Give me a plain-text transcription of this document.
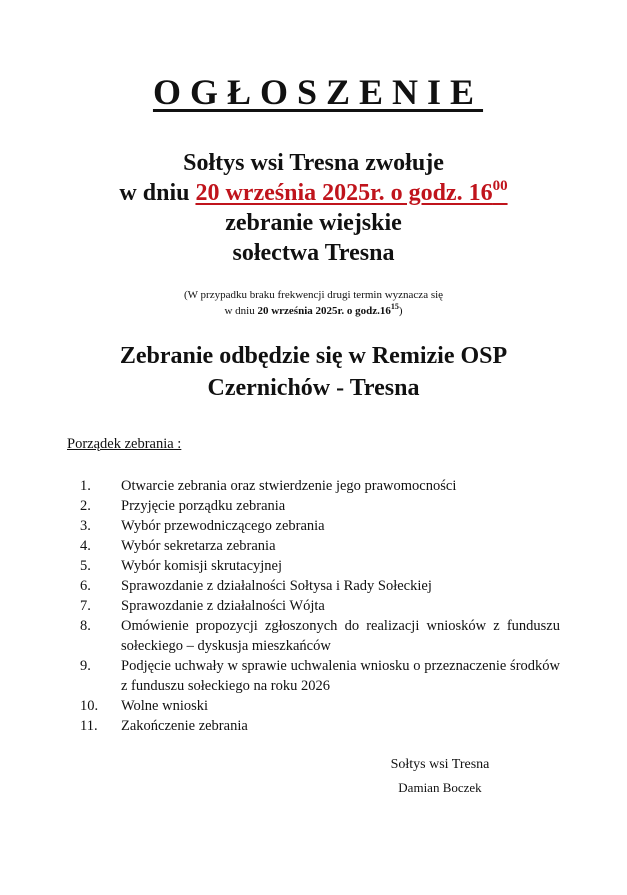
OGŁOSZENIE
Sołtys wsi Tresna zwołuje
w dniu 20 września 2025r. o godz. $16^{00}$
zebranie wiejskie
sołectwa Tresna
(W przypadku braku frekwencji drugi termin wyznacza się
w dniu 20 września 2025r. o $godz.16^{15}$)
Zebranie odbędzie się w Remizie OSP
Czernichów - Tresna
Porządek zebrania :
1.	Otwarcie zebrania oraz stwierdzenie jego prawomocności
2.	Przyjęcie porządku zebrania
3.	Wybór przewodniczącego zebrania
4.	Wybór sekretarza zebrania
5.	Wybór komisji skrutacyjnej
6.	Sprawozdanie z działalności Sołtysa i Rady Sołeckiej
7.	Sprawozdanie z działalności Wójta
8.	Omówienie propozycji zgłoszonych do realizacji wniosków z funduszu sołeckiego – dyskusja mieszkańców
9.	Podjęcie uchwały w sprawie uchwalenia wniosku o przeznaczenie środków z funduszu sołeckiego na roku 2026
10.	Wolne wnioski
11.	Zakończenie zebrania
Sołtys wsi Tresna
Damian Boczek
